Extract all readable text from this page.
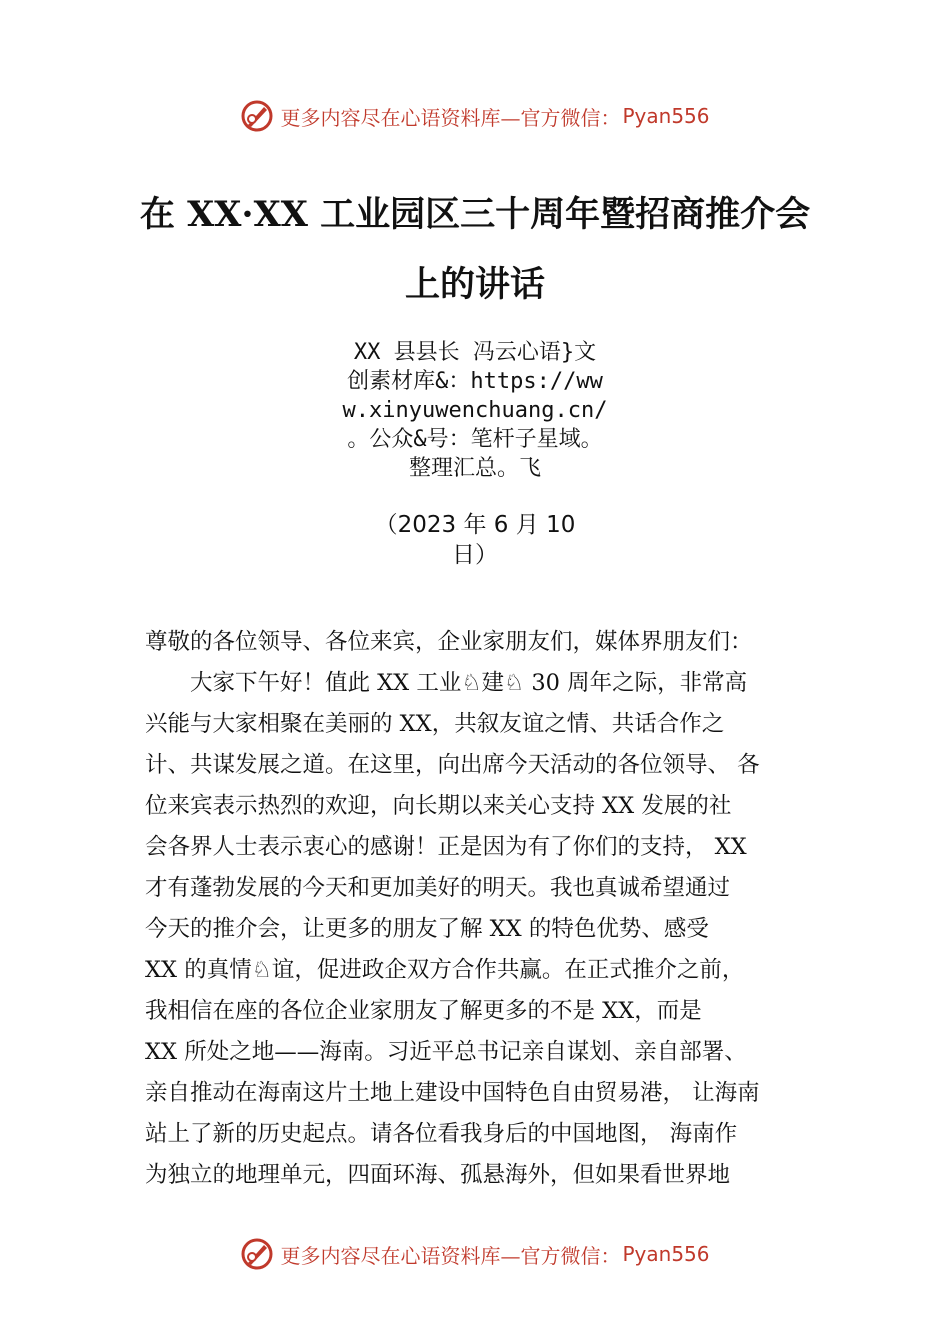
更多内容尽在心语资料库—官方微信： Pyan556
在 XX·XX 工业园区三十周年暨招商推介会
上的讲话
XX 县县长 冯云心语}文
创素材库&：https://ww
w.xinyuwenchuang.cn/
。公众&号：笔杆子星域。
整理汇总。飞
（2023 年 6 月 10
日）
尊敬的各位领导、各位来宾，企业家朋友们，媒体界朋友们：
　　大家下午好！值此 XX 工业♘建♘ 30 周年之际，非常高
兴能与大家相聚在美丽的 XX，共叙友谊之情、共话合作之
计、共谋发展之道。在这里，向出席今天活动的各位领导、 各
位来宾表示热烈的欢迎，向长期以来关心支持 XX 发展的社
会各界人士表示衷心的感谢！正是因为有了你们的支持， XX
才有蓬勃发展的今天和更加美好的明天。我也真诚希望通过
今天的推介会，让更多的朋友了解 XX 的特色优势、感受
XX 的真情♘谊，促进政企双方合作共赢。在正式推介之前，
我相信在座的各位企业家朋友了解更多的不是 XX，而是
XX 所处之地——海南。习近平总书记亲自谋划、亲自部署、
亲自推动在海南这片土地上建设中国特色自由贸易港， 让海南
站上了新的历史起点。请各位看我身后的中国地图， 海南作
为独立的地理单元，四面环海、孤悬海外，但如果看世界地
更多内容尽在心语资料库—官方微信： Pyan556
